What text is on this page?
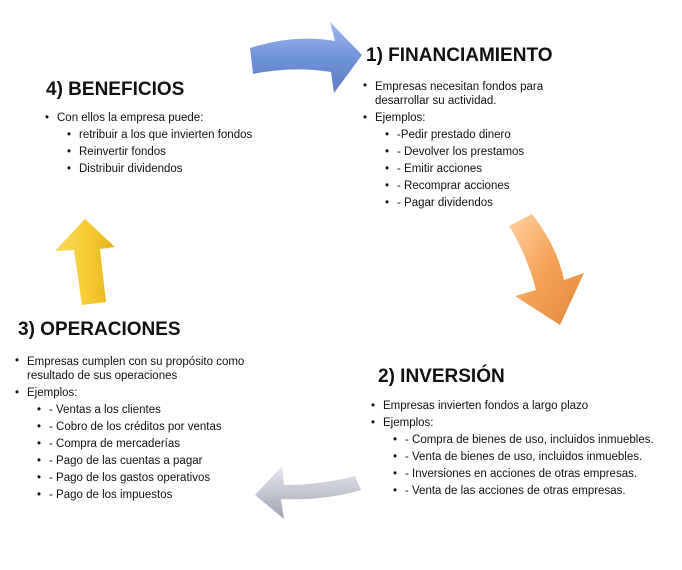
1) FINANCIAMIENTO
• Empresas necesitan fondos para desarrollar su actividad.
• Ejemplos:
• -Pedir prestado dinero
• - Devolver los prestamos
• - Emitir acciones
• - Recomprar acciones
• - Pagar dividendos
4) BENEFICIOS
• Con ellos la empresa puede:
• retribuir a los que invierten fondos
• Reinvertir fondos
• Distribuir dividendos
3) OPERACIONES
• Empresas cumplen con su propósito como resultado de sus operaciones
• Ejemplos:
• - Ventas a los clientes
• - Cobro de los créditos por ventas
• - Compra de mercaderías
• - Pago de las cuentas a pagar
• - Pago de los gastos operativos
• - Pago de los impuestos
2) INVERSIÓN
• Empresas invierten fondos a largo plazo
• Ejemplos:
• - Compra de bienes de uso, incluidos inmuebles.
• - Venta de bienes de uso, incluidos inmuebles.
• - Inversiones en acciones de otras empresas.
• - Venta de las acciones de otras empresas.
